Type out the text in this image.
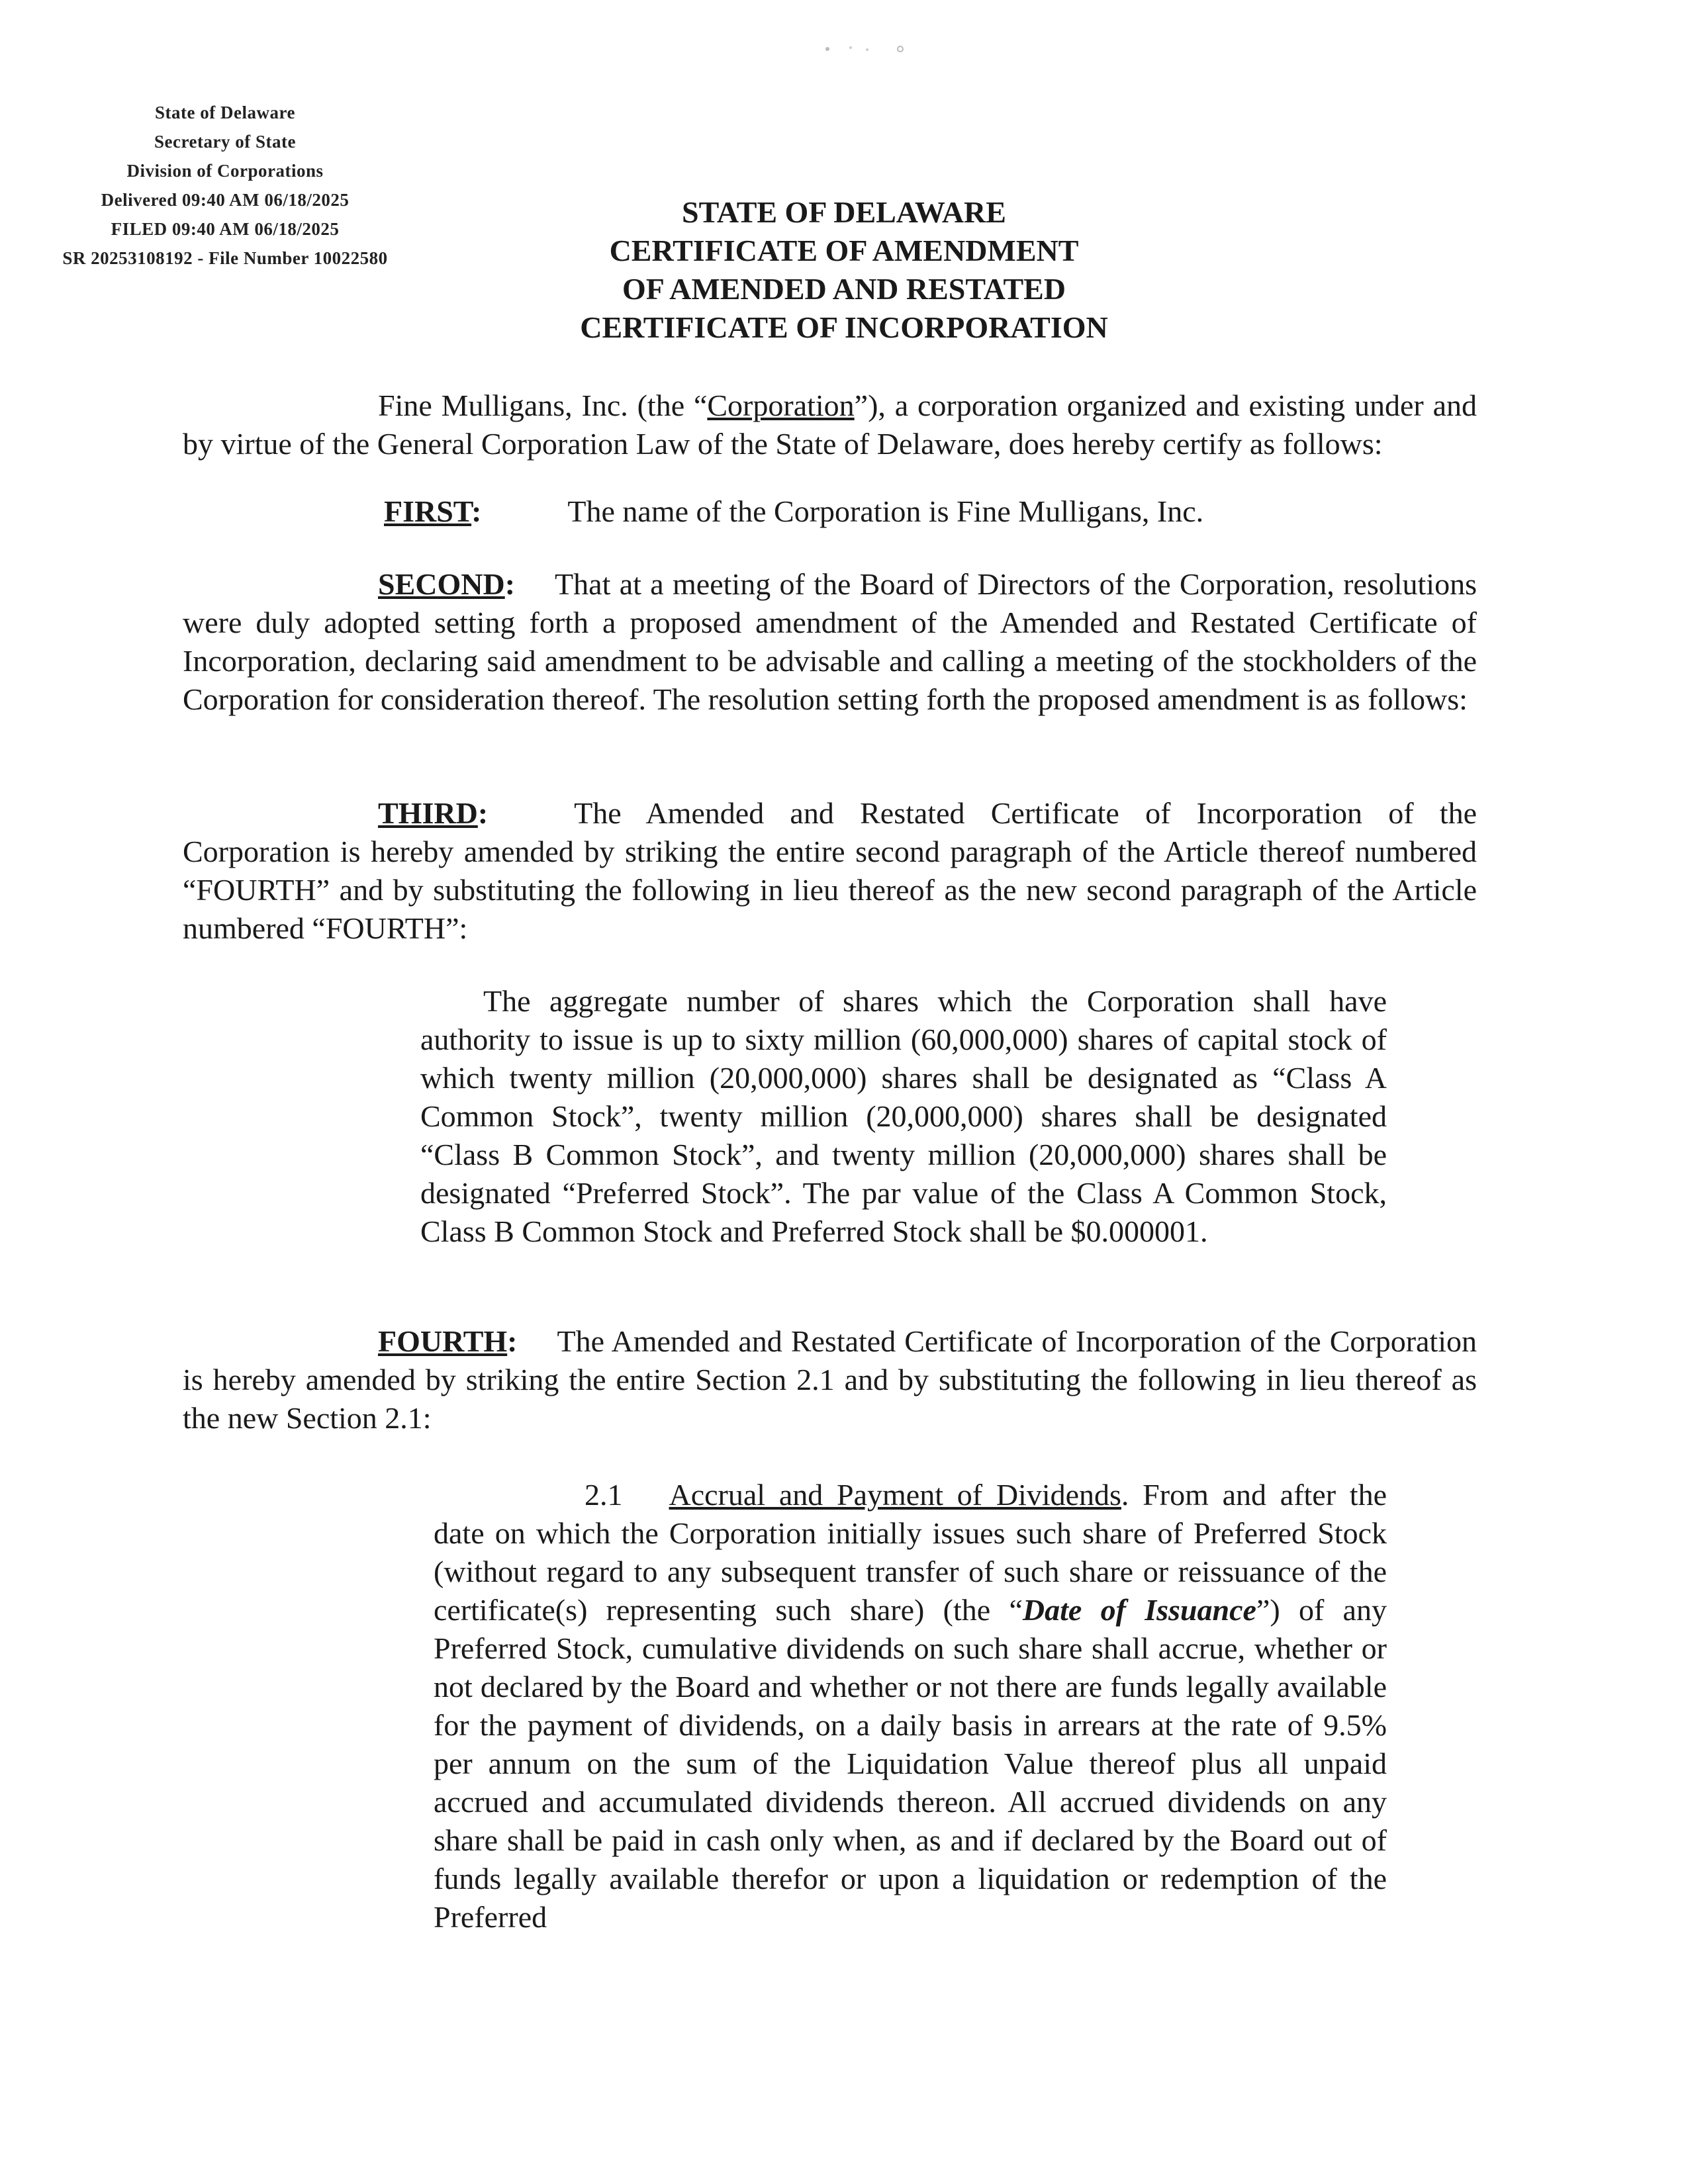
State of Delaware
Secretary of State
Division of Corporations
Delivered 09:40 AM 06/18/2025
FILED 09:40 AM 06/18/2025
SR 20253108192 - File Number 10022580
STATE OF DELAWARE
CERTIFICATE OF AMENDMENT
OF AMENDED AND RESTATED
CERTIFICATE OF INCORPORATION
Fine Mulligans, Inc. (the “Corporation”), a corporation organized and existing under and by virtue of the General Corporation Law of the State of Delaware, does hereby certify as follows:
FIRST:	The name of the Corporation is Fine Mulligans, Inc.
SECOND: That at a meeting of the Board of Directors of the Corporation, resolutions were duly adopted setting forth a proposed amendment of the Amended and Restated Certificate of Incorporation, declaring said amendment to be advisable and calling a meeting of the stockholders of the Corporation for consideration thereof. The resolution setting forth the proposed amendment is as follows:
THIRD:	The Amended and Restated Certificate of Incorporation of the Corporation is hereby amended by striking the entire second paragraph of the Article thereof numbered “FOURTH” and by substituting the following in lieu thereof as the new second paragraph of the Article numbered “FOURTH”:
The aggregate number of shares which the Corporation shall have authority to issue is up to sixty million (60,000,000) shares of capital stock of which twenty million (20,000,000) shares shall be designated as “Class A Common Stock”, twenty million (20,000,000) shares shall be designated “Class B Common Stock”, and twenty million (20,000,000) shares shall be designated “Preferred Stock”. The par value of the Class A Common Stock, Class B Common Stock and Preferred Stock shall be $0.000001.
FOURTH: The Amended and Restated Certificate of Incorporation of the Corporation is hereby amended by striking the entire Section 2.1 and by substituting the following in lieu thereof as the new Section 2.1:
2.1 Accrual and Payment of Dividends. From and after the date on which the Corporation initially issues such share of Preferred Stock (without regard to any subsequent transfer of such share or reissuance of the certificate(s) representing such share) (the “Date of Issuance”) of any Preferred Stock, cumulative dividends on such share shall accrue, whether or not declared by the Board and whether or not there are funds legally available for the payment of dividends, on a daily basis in arrears at the rate of 9.5% per annum on the sum of the Liquidation Value thereof plus all unpaid accrued and accumulated dividends thereon. All accrued dividends on any share shall be paid in cash only when, as and if declared by the Board out of funds legally available therefor or upon a liquidation or redemption of the Preferred
